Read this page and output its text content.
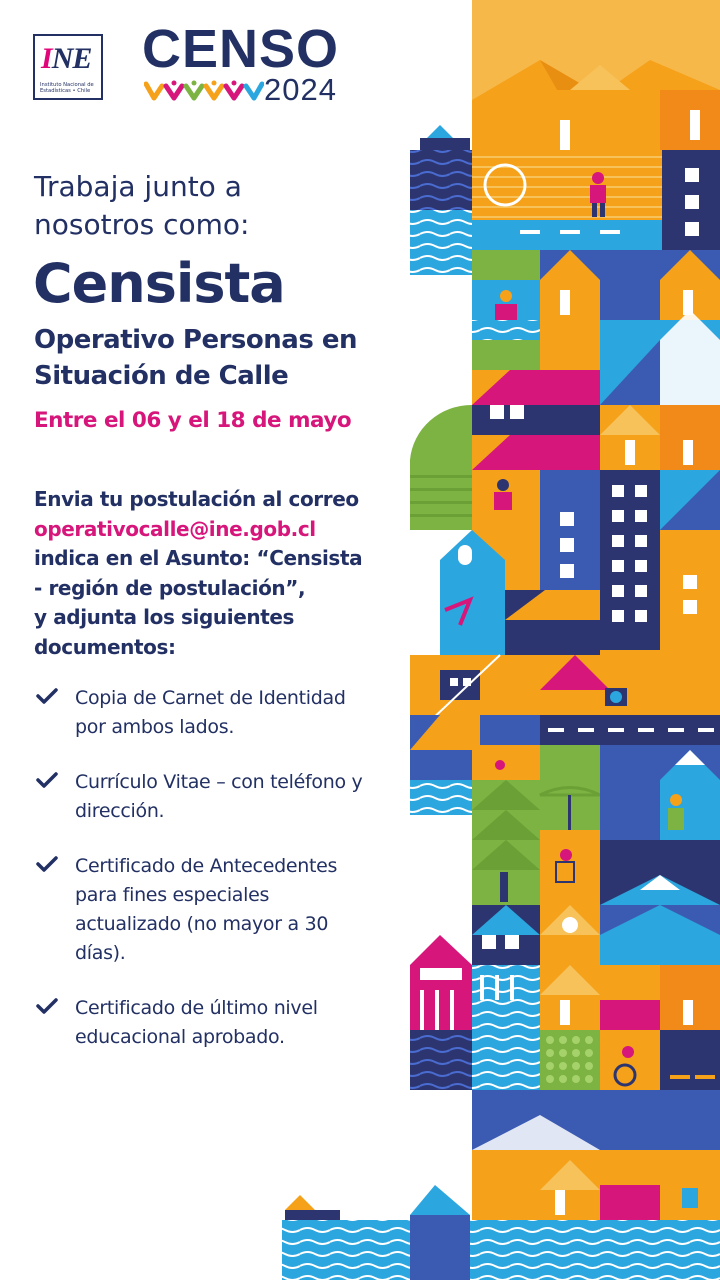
INE
Instituto Nacional de
Estadísticas • Chile
CENSO
2024
Trabaja junto a
nosotros como:
Censista
Operativo Personas en
Situación de Calle
Entre el 06 y el 18 de mayo
Envia tu postulación al correo
operativocalle@ine.gob.cl
indica en el Asunto: “Censista
- región de postulación”,
y adjunta los siguientes
documentos:
Copia de Carnet de Identidad
por ambos lados.
Currículo Vitae – con teléfono y
dirección.
Certificado de Antecedentes
para fines especiales
actualizado (no mayor a 30
días).
Certificado de último nivel
educacional aprobado.
